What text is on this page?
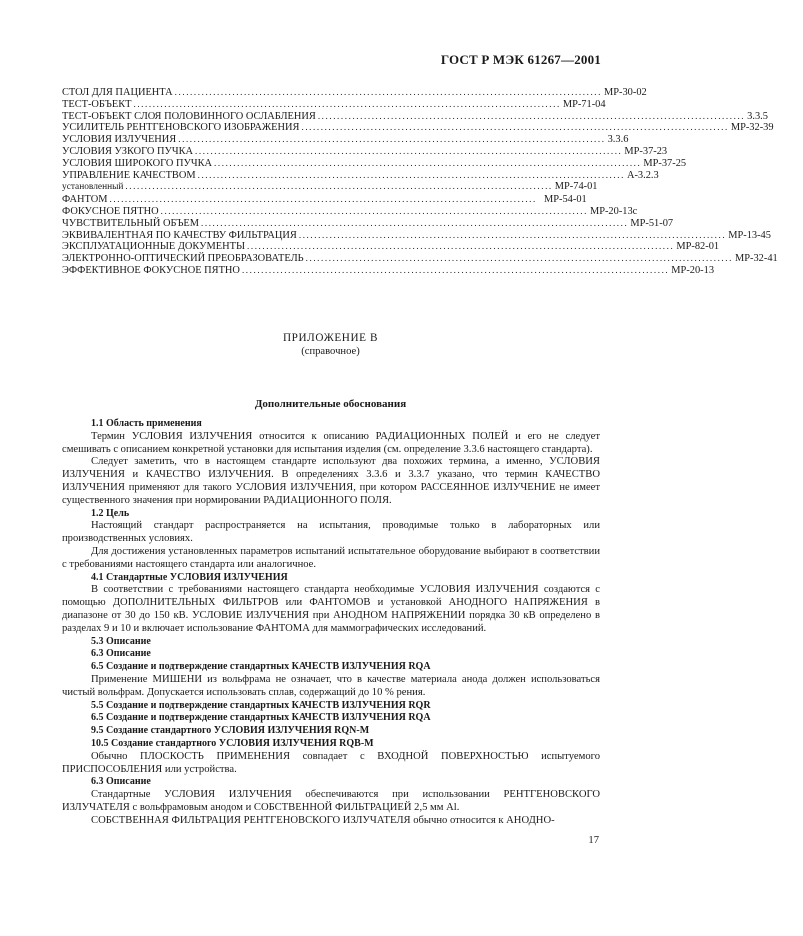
ГОСТ Р МЭК 61267—2001
СТОЛ ДЛЯ ПАЦИЕНТА ............................................................................................................... МР-30-02
ТЕСТ-ОБЪЕКТ ............................................................................................................... МР-71-04
ТЕСТ-ОБЪЕКТ СЛОЯ ПОЛОВИННОГО ОСЛАБЛЕНИЯ ............................................................................................................... 3.3.5
УСИЛИТЕЛЬ РЕНТГЕНОВСКОГО ИЗОБРАЖЕНИЯ ............................................................................................................... МР-32-39
УСЛОВИЯ ИЗЛУЧЕНИЯ ............................................................................................................... 3.3.6
УСЛОВИЯ УЗКОГО ПУЧКА ............................................................................................................... МР-37-23
УСЛОВИЯ ШИРОКОГО ПУЧКА ............................................................................................................... МР-37-25
УПРАВЛЕНИЕ КАЧЕСТВОМ ............................................................................................................... А-3.2.3
установленный ............................................................................................................... МР-74-01
ФАНТОМ ............................................................................................................... МР-54-01
ФОКУСНОЕ ПЯТНО ............................................................................................................... МР-20-13с
ЧУВСТВИТЕЛЬНЫЙ ОБЪЕМ ............................................................................................................... МР-51-07
ЭКВИВАЛЕНТНАЯ ПО КАЧЕСТВУ ФИЛЬТРАЦИЯ ............................................................................................................... МР-13-45
ЭКСПЛУАТАЦИОННЫЕ ДОКУМЕНТЫ ............................................................................................................... МР-82-01
ЭЛЕКТРОННО-ОПТИЧЕСКИЙ ПРЕОБРАЗОВАТЕЛЬ ............................................................................................................... МР-32-41
ЭФФЕКТИВНОЕ ФОКУСНОЕ ПЯТНО ............................................................................................................... МР-20-13
ПРИЛОЖЕНИЕ В
(справочное)
Дополнительные обоснования
1.1 Область применения
Термин УСЛОВИЯ ИЗЛУЧЕНИЯ относится к описанию РАДИАЦИОННЫХ ПОЛЕЙ и его не следует смешивать с описанием конкретной установки для испытания изделия (см. определение 3.3.6 настоящего стандарта).
Следует заметить, что в настоящем стандарте используют два похожих термина, а именно, УСЛОВИЯ ИЗЛУЧЕНИЯ и КАЧЕСТВО ИЗЛУЧЕНИЯ. В определениях 3.3.6 и 3.3.7 указано, что термин КАЧЕСТВО ИЗЛУЧЕНИЯ применяют для такого УСЛОВИЯ ИЗЛУЧЕНИЯ, при котором РАССЕЯННОЕ ИЗЛУЧЕНИЕ не имеет существенного значения при нормировании РАДИАЦИОННОГО ПОЛЯ.
1.2 Цель
Настоящий стандарт распространяется на испытания, проводимые только в лабораторных или производственных условиях.
Для достижения установленных параметров испытаний испытательное оборудование выбирают в соответствии с требованиями настоящего стандарта или аналогичное.
4.1 Стандартные УСЛОВИЯ ИЗЛУЧЕНИЯ
В соответствии с требованиями настоящего стандарта необходимые УСЛОВИЯ ИЗЛУЧЕНИЯ создаются с помощью ДОПОЛНИТЕЛЬНЫХ ФИЛЬТРОВ или ФАНТОМОВ и установкой АНОДНОГО НАПРЯЖЕНИЯ в диапазоне от 30 до 150 кВ. УСЛОВИЕ ИЗЛУЧЕНИЯ при АНОДНОМ НАПРЯЖЕНИИ порядка 30 кВ определено в разделах 9 и 10 и включает использование ФАНТОМА для маммографических исследований.
5.3 Описание
6.3 Описание
6.5 Создание и подтверждение стандартных КАЧЕСТВ ИЗЛУЧЕНИЯ RQA
Применение МИШЕНИ из вольфрама не означает, что в качестве материала анода должен использоваться чистый вольфрам. Допускается использовать сплав, содержащий до 10 % рения.
5.5 Создание и подтверждение стандартных КАЧЕСТВ ИЗЛУЧЕНИЯ RQR
6.5 Создание и подтверждение стандартных КАЧЕСТВ ИЗЛУЧЕНИЯ RQA
9.5 Создание стандартного УСЛОВИЯ ИЗЛУЧЕНИЯ RQN-M
10.5 Создание стандартного УСЛОВИЯ ИЗЛУЧЕНИЯ RQB-M
Обычно ПЛОСКОСТЬ ПРИМЕНЕНИЯ совпадает с ВХОДНОЙ ПОВЕРХНОСТЬЮ испытуемого ПРИСПОСОБЛЕНИЯ или устройства.
6.3 Описание
Стандартные УСЛОВИЯ ИЗЛУЧЕНИЯ обеспечиваются при использовании РЕНТГЕНОВСКОГО ИЗЛУЧАТЕЛЯ с вольфрамовым анодом и СОБСТВЕННОЙ ФИЛЬТРАЦИЕЙ 2,5 мм Al.
СОБСТВЕННАЯ ФИЛЬТРАЦИЯ РЕНТГЕНОВСКОГО ИЗЛУЧАТЕЛЯ обычно относится к АНОДНО-
17
